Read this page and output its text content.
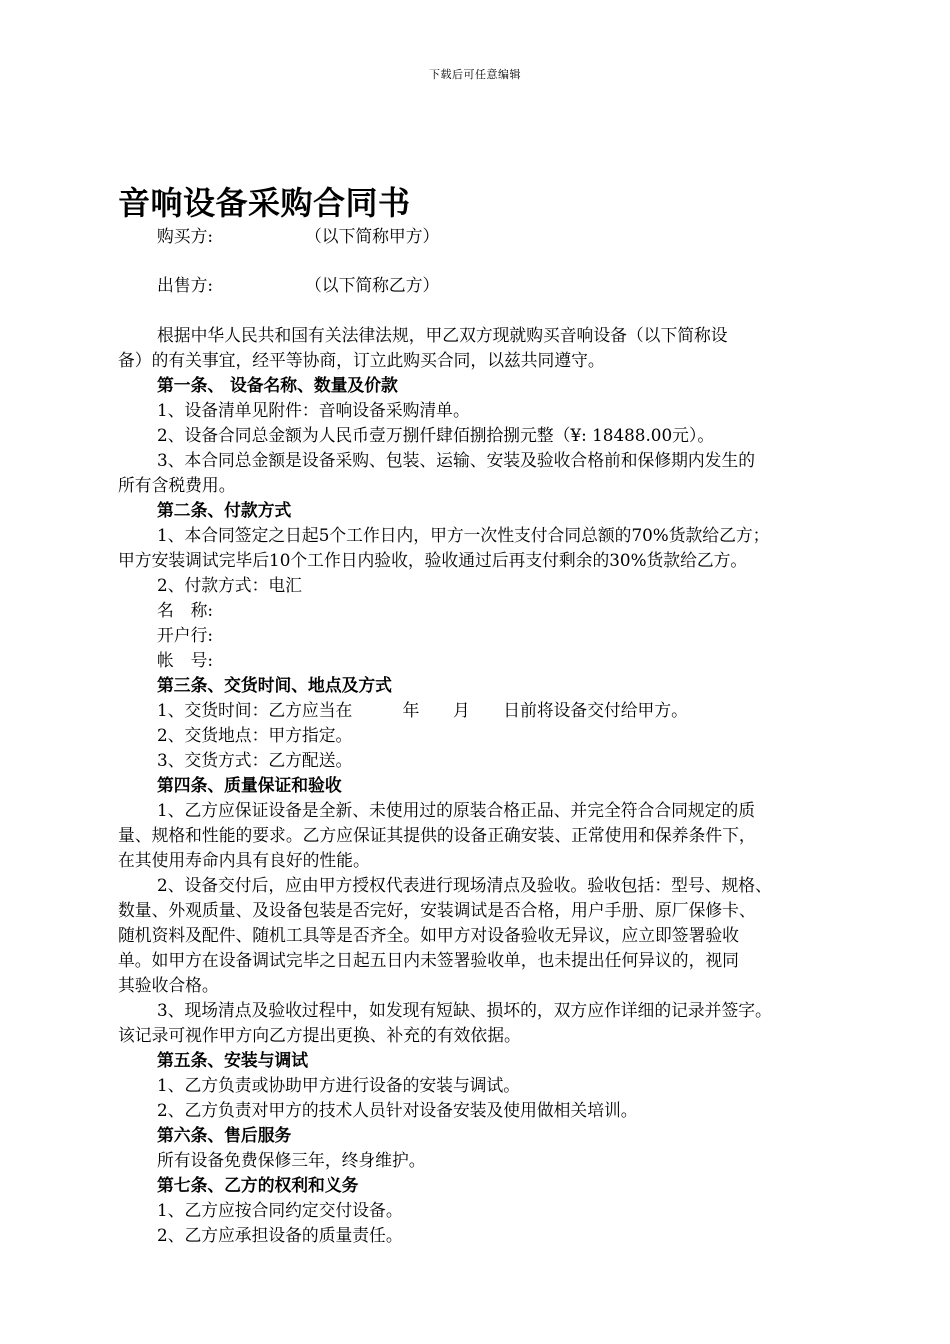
下载后可任意编辑
音响设备采购合同书
购买方:	（以下简称甲方）
出售方:	（以下简称乙方）
根据中华人民共和国有关法律法规，甲乙双方现就购买音响设备（以下简称设
备）的有关事宜，经平等协商，订立此购买合同，以兹共同遵守。
第一条、 设备名称、数量及价款
1、设备清单见附件：音响设备采购清单。
2、设备合同总金额为人民币壹万捌仟肆佰捌拾捌元整（¥: 18488.00元）。
3、本合同总金额是设备采购、包装、运输、安装及验收合格前和保修期内发生的
所有含税费用。
第二条、付款方式
1、本合同签定之日起5个工作日内，甲方一次性支付合同总额的70%货款给乙方；
甲方安装调试完毕后10个工作日内验收，验收通过后再支付剩余的30%货款给乙方。
2、付款方式：电汇
名　称:
开户行:
帐　号:
第三条、交货时间、地点及方式
1、交货时间：乙方应当在　　　年　　月　　日前将设备交付给甲方。
2、交货地点：甲方指定。
3、交货方式：乙方配送。
第四条、质量保证和验收
1、乙方应保证设备是全新、未使用过的原装合格正品、并完全符合合同规定的质
量、规格和性能的要求。乙方应保证其提供的设备正确安装、正常使用和保养条件下，
在其使用寿命内具有良好的性能。
2、设备交付后，应由甲方授权代表进行现场清点及验收。验收包括：型号、规格、
数量、外观质量、及设备包装是否完好，安装调试是否合格，用户手册、原厂保修卡、
随机资料及配件、随机工具等是否齐全。如甲方对设备验收无异议，应立即签署验收
单。如甲方在设备调试完毕之日起五日内未签署验收单，也未提出任何异议的，视同
其验收合格。
3、现场清点及验收过程中，如发现有短缺、损坏的，双方应作详细的记录并签字。
该记录可视作甲方向乙方提出更换、补充的有效依据。
第五条、安装与调试
1、乙方负责或协助甲方进行设备的安装与调试。
2、乙方负责对甲方的技术人员针对设备安装及使用做相关培训。
第六条、售后服务
所有设备免费保修三年，终身维护。
第七条、乙方的权利和义务
1、乙方应按合同约定交付设备。
2、乙方应承担设备的质量责任。
